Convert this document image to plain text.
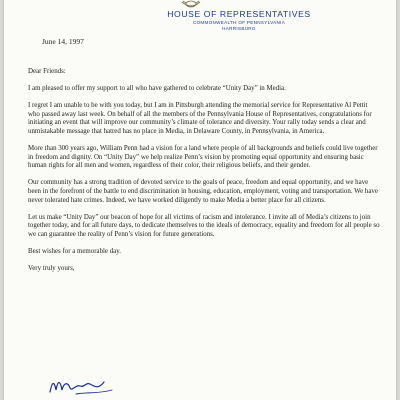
HOUSE OF REPRESENTATIVES
COMMONWEALTH OF PENNSYLVANIA
HARRISBURG
June 14, 1997

Dear Friends:

I am pleased to offer my support to all who have gathered to celebrate “Unity Day” in Media.

I regret I am unable to be with you today, but I am in Pittsburgh attending the memorial service for Representative Al Pettit who passed away last week. On behalf of all the members of the Pennsylvania House of Representatives, congratulations for initiating an event that will improve our community’s climate of tolerance and diversity. Your rally today sends a clear and unmistakable message that hatred has no place in Media, in Delaware County, in Pennsylvania, in America.

More than 300 years ago, William Penn had a vision for a land where people of all backgrounds and beliefs could live together in freedom and dignity. On “Unity Day” we help realize Penn’s vision by promoting equal opportunity and ensuring basic human rights for all men and women, regardless of their color, their religious beliefs, and their gender.

Our community has a strong tradition of devoted service to the goals of peace, freedom and equal opportunity, and we have been in the forefront of the battle to end discrimination in housing, education, employment, voting and transportation. We have never tolerated hate crimes. Indeed, we have worked diligently to make Media a better place for all citizens.

Let us make “Unity Day” our beacon of hope for all victims of racism and intolerance. I invite all of Media’s citizens to join together today, and for all future days, to dedicate themselves to the ideals of democracy, equality and freedom for all people so we can guarantee the reality of Penn’s vision for future generations.

Best wishes for a memorable day.

Very truly yours,
